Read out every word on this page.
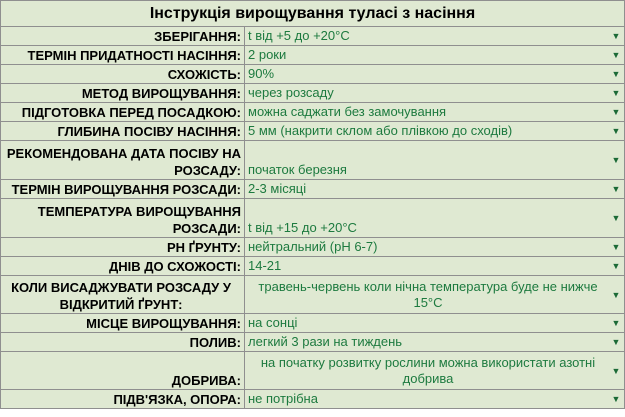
Інструкція вирощування туласі з насіння	
ЗБЕРІГАННЯ:	t від +5 до +20°C ▼

ТЕРМІН ПРИДАТНОСТІ НАСІННЯ:	2 роки ▼

СХОЖІСТЬ:	90% ▼

МЕТОД ВИРОЩУВАННЯ:	через розсаду ▼

ПІДГОТОВКА ПЕРЕД ПОСАДКОЮ:	можна саджати без замочування ▼

ГЛИБИНА ПОСІВУ НАСІННЯ:	5 мм (накрити склом або плівкою до сходів) ▼

РЕКОМЕНДОВАНА ДАТА ПОСІВУ НА РОЗСАДУ:	початок березня
▼

ТЕРМІН ВИРОЩУВАННЯ РОЗСАДИ:	2-3 місяці ▼

ТЕМПЕРАТУРА ВИРОЩУВАННЯ РОЗСАДИ:	t від +15 до +20°C
▼

РН ҐРУНТУ:	нейтральний (pH 6-7) ▼

ДНІВ ДО СХОЖОСТІ:	14-21 ▼

КОЛИ ВИСАДЖУВАТИ РОЗСАДУ У ВІДКРИТИЙ ҐРУНТ:	травень-червень коли нічна температура буде не нижче 15°C ▼

МІСЦЕ ВИРОЩУВАННЯ:	на сонці ▼

ПОЛИВ:	легкий 3 рази на тиждень ▼

ДОБРИВА:	на початку розвитку рослини можна використати азотні добрива ▼

ПІДВ'ЯЗКА, ОПОРА:	не потрібна ▼
